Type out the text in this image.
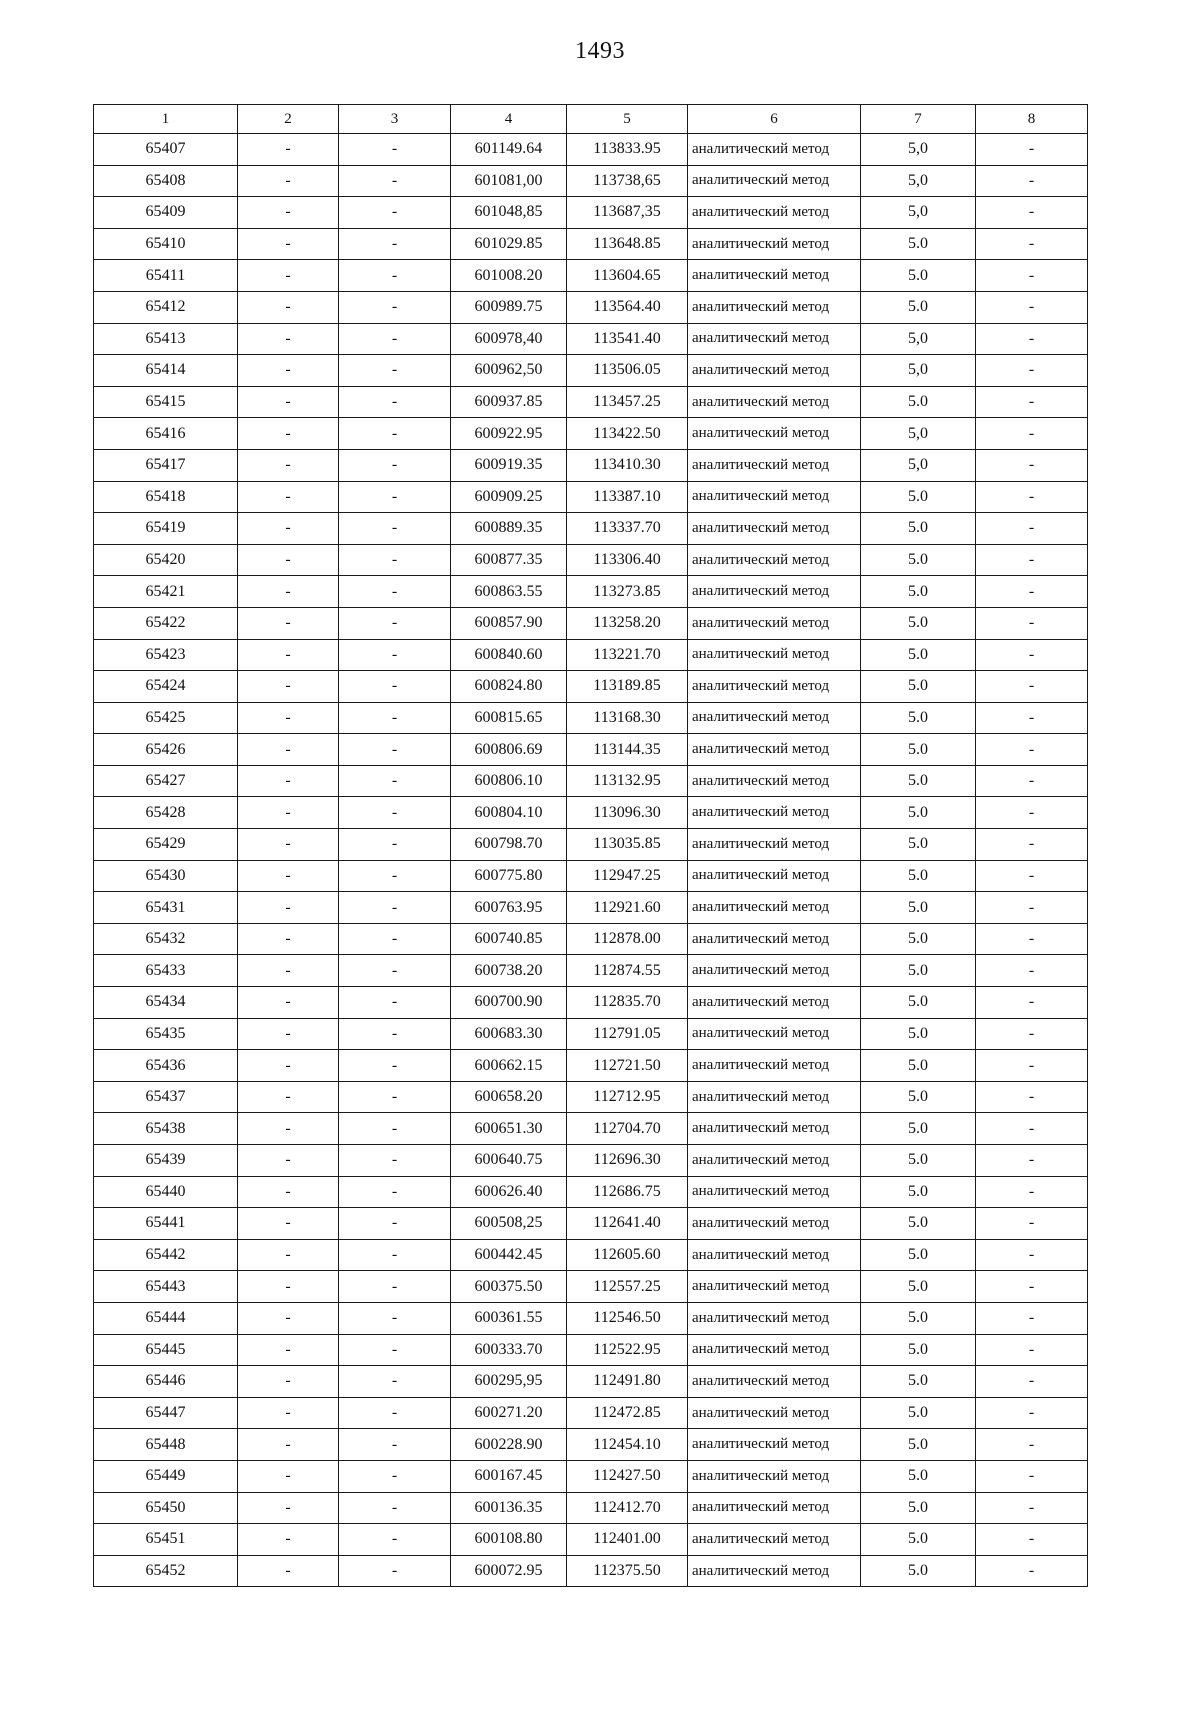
1493
1	2	3	4	5	6	7	8
65407	-	-	601149.64	113833.95	аналитический метод	5,0	-
65408	-	-	601081,00	113738,65	аналитический метод	5,0	-
65409	-	-	601048,85	113687,35	аналитический метод	5,0	-
65410	-	-	601029.85	113648.85	аналитический метод	5.0	-
65411	-	-	601008.20	113604.65	аналитический метод	5.0	-
65412	-	-	600989.75	113564.40	аналитический метод	5.0	-
65413	-	-	600978,40	113541.40	аналитический метод	5,0	-
65414	-	-	600962,50	113506.05	аналитический метод	5,0	-
65415	-	-	600937.85	113457.25	аналитический метод	5.0	-
65416	-	-	600922.95	113422.50	аналитический метод	5,0	-
65417	-	-	600919.35	113410.30	аналитический метод	5,0	-
65418	-	-	600909.25	113387.10	аналитический метод	5.0	-
65419	-	-	600889.35	113337.70	аналитический метод	5.0	-
65420	-	-	600877.35	113306.40	аналитический метод	5.0	-
65421	-	-	600863.55	113273.85	аналитический метод	5.0	-
65422	-	-	600857.90	113258.20	аналитический метод	5.0	-
65423	-	-	600840.60	113221.70	аналитический метод	5.0	-
65424	-	-	600824.80	113189.85	аналитический метод	5.0	-
65425	-	-	600815.65	113168.30	аналитический метод	5.0	-
65426	-	-	600806.69	113144.35	аналитический метод	5.0	-
65427	-	-	600806.10	113132.95	аналитический метод	5.0	-
65428	-	-	600804.10	113096.30	аналитический метод	5.0	-
65429	-	-	600798.70	113035.85	аналитический метод	5.0	-
65430	-	-	600775.80	112947.25	аналитический метод	5.0	-
65431	-	-	600763.95	112921.60	аналитический метод	5.0	-
65432	-	-	600740.85	112878.00	аналитический метод	5.0	-
65433	-	-	600738.20	112874.55	аналитический метод	5.0	-
65434	-	-	600700.90	112835.70	аналитический метод	5.0	-
65435	-	-	600683.30	112791.05	аналитический метод	5.0	-
65436	-	-	600662.15	112721.50	аналитический метод	5.0	-
65437	-	-	600658.20	112712.95	аналитический метод	5.0	-
65438	-	-	600651.30	112704.70	аналитический метод	5.0	-
65439	-	-	600640.75	112696.30	аналитический метод	5.0	-
65440	-	-	600626.40	112686.75	аналитический метод	5.0	-
65441	-	-	600508,25	112641.40	аналитический метод	5.0	-
65442	-	-	600442.45	112605.60	аналитический метод	5.0	-
65443	-	-	600375.50	112557.25	аналитический метод	5.0	-
65444	-	-	600361.55	112546.50	аналитический метод	5.0	-
65445	-	-	600333.70	112522.95	аналитический метод	5.0	-
65446	-	-	600295,95	112491.80	аналитический метод	5.0	-
65447	-	-	600271.20	112472.85	аналитический метод	5.0	-
65448	-	-	600228.90	112454.10	аналитический метод	5.0	-
65449	-	-	600167.45	112427.50	аналитический метод	5.0	-
65450	-	-	600136.35	112412.70	аналитический метод	5.0	-
65451	-	-	600108.80	112401.00	аналитический метод	5.0	-
65452	-	-	600072.95	112375.50	аналитический метод	5.0	-
